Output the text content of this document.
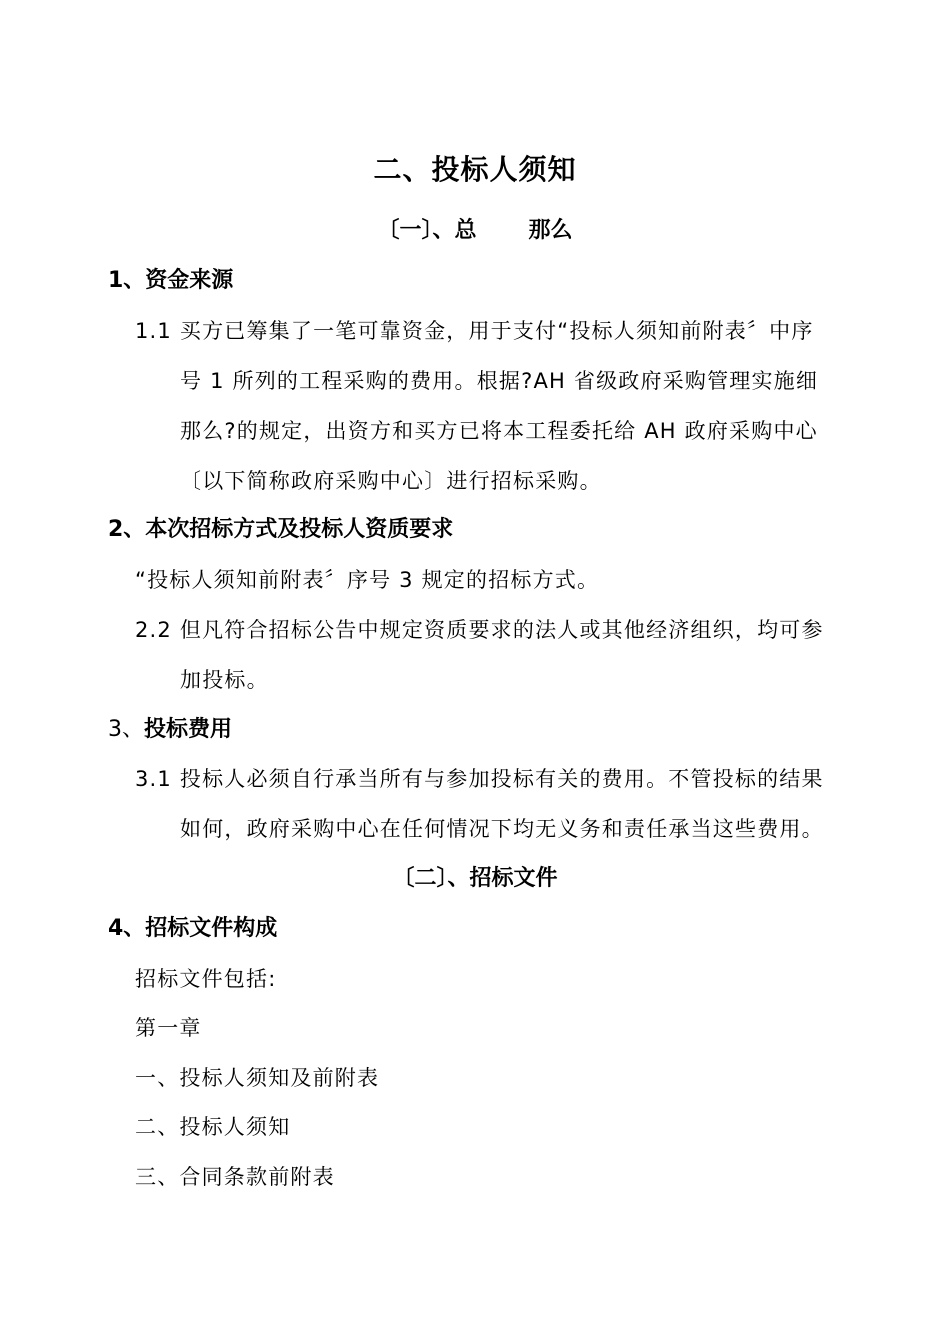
二、投标人须知
〔一〕、总 那么
1、资金来源
1.1 买方已筹集了一笔可靠资金，用于支付“投标人须知前附表〞中序
号 1 所列的工程采购的费用。根据?AH 省级政府采购管理实施细
那么?的规定，出资方和买方已将本工程委托给 AH 政府采购中心
〔以下简称政府采购中心〕进行招标采购。
2、本次招标方式及投标人资质要求
“投标人须知前附表〞序号 3 规定的招标方式。
2.2 但凡符合招标公告中规定资质要求的法人或其他经济组织，均可参
加投标。
3、投标费用
3.1 投标人必须自行承当所有与参加投标有关的费用。不管投标的结果
如何，政府采购中心在任何情况下均无义务和责任承当这些费用。
〔二〕、招标文件
4、招标文件构成
招标文件包括:
第一章
一、投标人须知及前附表
二、投标人须知
三、合同条款前附表
